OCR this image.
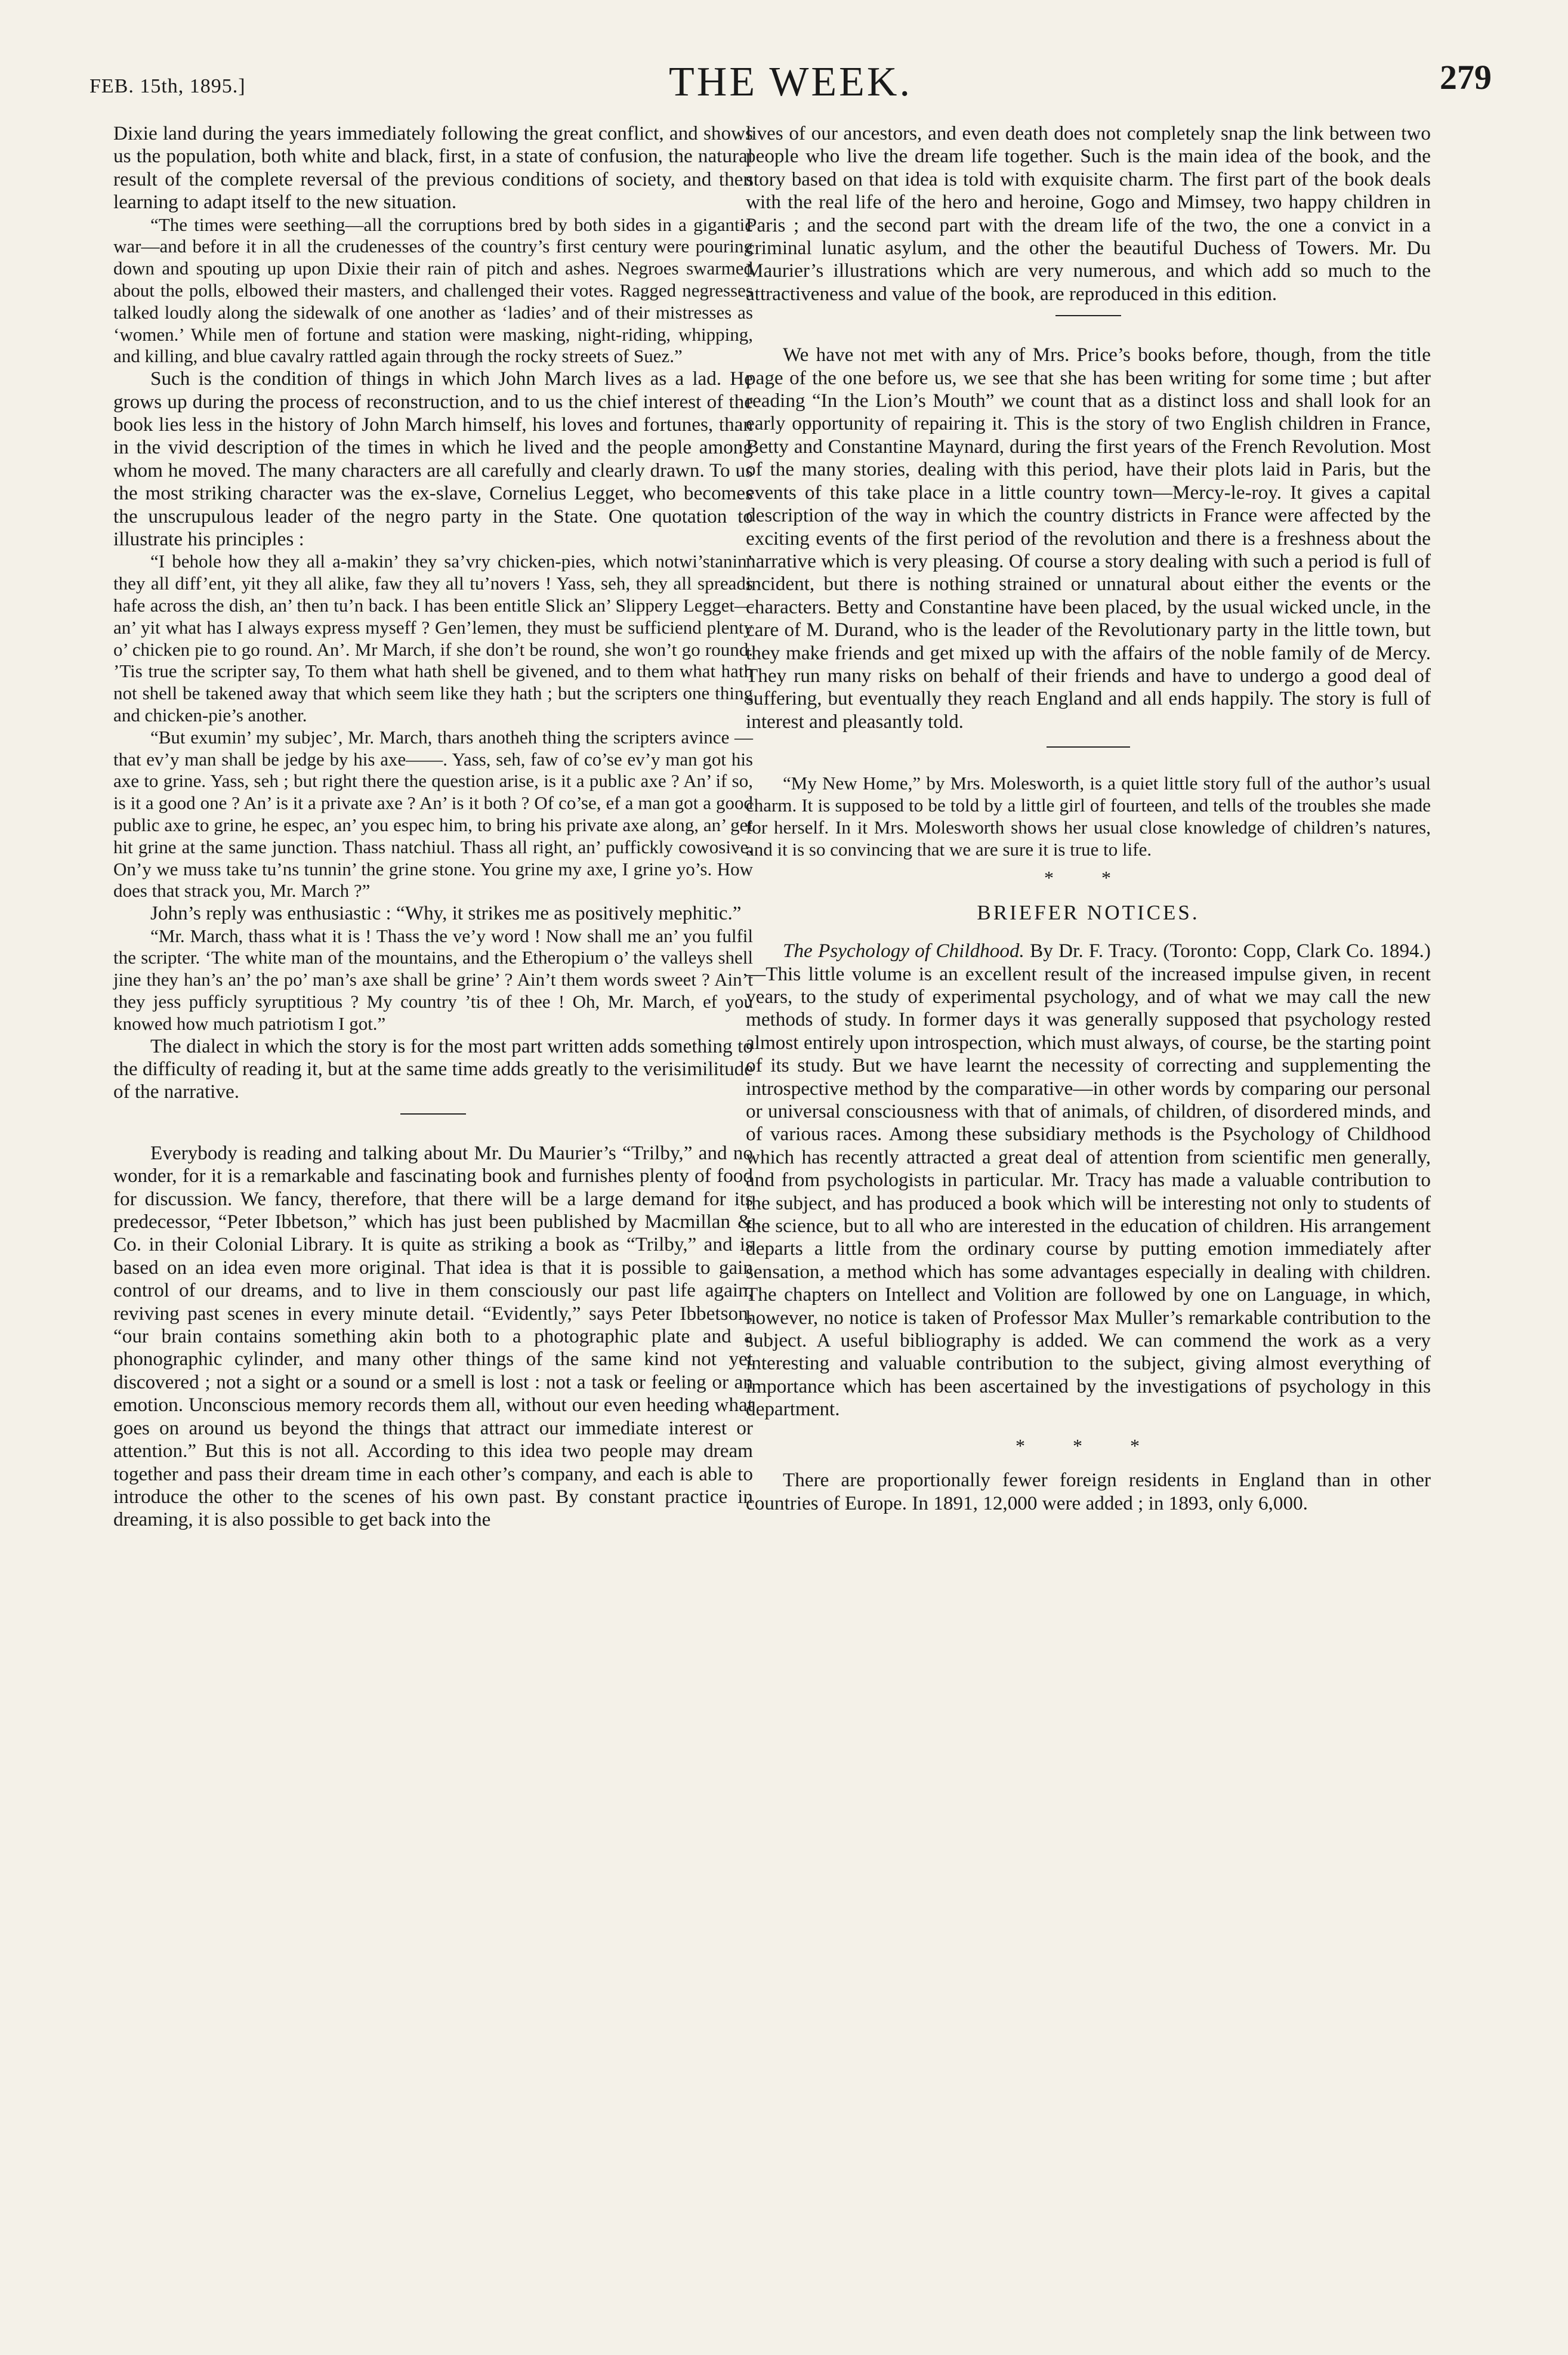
FEB. 15th, 1895.]	THE WEEK.	279

Dixie land during the years immediately following the great conflict, and shows us the population, both white and black, first, in a state of confusion, the natural result of the complete reversal of the previous conditions of society, and then learning to adapt itself to the new situation.

“The times were seething—all the corruptions bred by both sides in a gigantic war—and before it in all the crudenesses of the country’s first century were pouring down and spouting up upon Dixie their rain of pitch and ashes. Negroes swarmed about the polls, elbowed their masters, and challenged their votes. Ragged negresses talked loudly along the sidewalk of one another as ‘ladies’ and of their mistresses as ‘women.’ While men of fortune and station were masking, night-riding, whipping, and killing, and blue cavalry rattled again through the rocky streets of Suez.”

Such is the condition of things in which John March lives as a lad. He grows up during the process of reconstruction, and to us the chief interest of the book lies less in the history of John March himself, his loves and fortunes, than in the vivid description of the times in which he lived and the people among whom he moved. The many characters are all carefully and clearly drawn. To us the most striking character was the ex-slave, Cornelius Legget, who becomes the unscrupulous leader of the negro party in the State. One quotation to illustrate his principles :

“I behole how they all a-makin’ they sa’vry chicken-pies, which notwi’stanin’ they all diff’ent, yit they all alike, faw they all tu’novers ! Yass, seh, they all spreads hafe across the dish, an’ then tu’n back. I has been entitle Slick an’ Slippery Legget—an’ yit what has I always express myseff ? Gen’lemen, they must be sufficiend plenty o’ chicken pie to go round. An’. Mr March, if she don’t be round, she won’t go round. ’Tis true the scripter say, To them what hath shell be givened, and to them what hath not shell be takened away that which seem like they hath ; but the scripters one thing and chicken-pie’s another.

“But exumin’ my subjec’, Mr. March, thars anotheh thing the scripters avince —that ev’y man shall be jedge by his axe——. Yass, seh, faw of co’se ev’y man got his axe to grine. Yass, seh ; but right there the question arise, is it a public axe ? An’ if so, is it a good one ? An’ is it a private axe ? An’ is it both ? Of co’se, ef a man got a good public axe to grine, he espec, an’ you espec him, to bring his private axe along, an’ get hit grine at the same junction. Thass natchiul. Thass all right, an’ puffickly cowosive. On’y we muss take tu’ns tunnin’ the grine stone. You grine my axe, I grine yo’s. How does that strack you, Mr. March ?”

John’s reply was enthusiastic : “Why, it strikes me as positively mephitic.”

“Mr. March, thass what it is ! Thass the ve’y word ! Now shall me an’ you fulfil the scripter. ‘The white man of the mountains, and the Etheropium o’ the valleys shell jine they han’s an’ the po’ man’s axe shall be grine’ ? Ain’t them words sweet ? Ain’t they jess pufficly syruptitious ? My country ’tis of thee ! Oh, Mr. March, ef you knowed how much patriotism I got.”

The dialect in which the story is for the most part written adds something to the difficulty of reading it, but at the same time adds greatly to the verisimilitude of the narrative.

Everybody is reading and talking about Mr. Du Maurier’s “Trilby,” and no wonder, for it is a remarkable and fascinating book and furnishes plenty of food for discussion. We fancy, therefore, that there will be a large demand for its predecessor, “Peter Ibbetson,” which has just been published by Macmillan & Co. in their Colonial Library. It is quite as striking a book as “Trilby,” and is based on an idea even more original. That idea is that it is possible to gain control of our dreams, and to live in them consciously our past life again, reviving past scenes in every minute detail. “Evidently,” says Peter Ibbetson, “our brain contains something akin both to a photographic plate and a phonographic cylinder, and many other things of the same kind not yet discovered ; not a sight or a sound or a smell is lost : not a task or feeling or an emotion. Unconscious memory records them all, without our even heeding what goes on around us beyond the things that attract our immediate interest or attention.” But this is not all. According to this idea two people may dream together and pass their dream time in each other’s company, and each is able to introduce the other to the scenes of his own past. By constant practice in dreaming, it is also possible to get back into the

lives of our ancestors, and even death does not completely snap the link between two people who live the dream life together. Such is the main idea of the book, and the story based on that idea is told with exquisite charm. The first part of the book deals with the real life of the hero and heroine, Gogo and Mimsey, two happy children in Paris ; and the second part with the dream life of the two, the one a convict in a criminal lunatic asylum, and the other the beautiful Duchess of Towers. Mr. Du Maurier’s illustrations which are very numerous, and which add so much to the attractiveness and value of the book, are reproduced in this edition.

We have not met with any of Mrs. Price’s books before, though, from the title page of the one before us, we see that she has been writing for some time ; but after reading “In the Lion’s Mouth” we count that as a distinct loss and shall look for an early opportunity of repairing it. This is the story of two English children in France, Betty and Constantine Maynard, during the first years of the French Revolution. Most of the many stories, dealing with this period, have their plots laid in Paris, but the events of this take place in a little country town—Mercy-le-roy. It gives a capital description of the way in which the country districts in France were affected by the exciting events of the first period of the revolution and there is a freshness about the narrative which is very pleasing. Of course a story dealing with such a period is full of incident, but there is nothing strained or unnatural about either the events or the characters. Betty and Constantine have been placed, by the usual wicked uncle, in the care of M. Durand, who is the leader of the Revolutionary party in the little town, but they make friends and get mixed up with the affairs of the noble family of de Mercy. They run many risks on behalf of their friends and have to undergo a good deal of suffering, but eventually they reach England and all ends happily. The story is full of interest and pleasantly told.

“My New Home,” by Mrs. Molesworth, is a quiet little story full of the author’s usual charm. It is supposed to be told by a little girl of fourteen, and tells of the troubles she made for herself. In it Mrs. Molesworth shows her usual close knowledge of children’s natures, and it is so convincing that we are sure it is true to life.

* *
BRIEFER NOTICES.

The Psychology of Childhood. By Dr. F. Tracy. (Toronto: Copp, Clark Co. 1894.)—This little volume is an excellent result of the increased impulse given, in recent years, to the study of experimental psychology, and of what we may call the new methods of study. In former days it was generally supposed that psychology rested almost entirely upon introspection, which must always, of course, be the starting point of its study. But we have learnt the necessity of correcting and supplementing the introspective method by the comparative—in other words by comparing our personal or universal consciousness with that of animals, of children, of disordered minds, and of various races. Among these subsidiary methods is the Psychology of Childhood which has recently attracted a great deal of attention from scientific men generally, and from psychologists in particular. Mr. Tracy has made a valuable contribution to the subject, and has produced a book which will be interesting not only to students of the science, but to all who are interested in the education of children. His arrangement departs a little from the ordinary course by putting emotion immediately after sensation, a method which has some advantages especially in dealing with children. The chapters on Intellect and Volition are followed by one on Language, in which, however, no notice is taken of Professor Max Muller’s remarkable contribution to the subject. A useful bibliography is added. We can commend the work as a very interesting and valuable contribution to the subject, giving almost everything of importance which has been ascertained by the investigations of psychology in this department.

* * *

There are proportionally fewer foreign residents in England than in other countries of Europe. In 1891, 12,000 were added ; in 1893, only 6,000.
